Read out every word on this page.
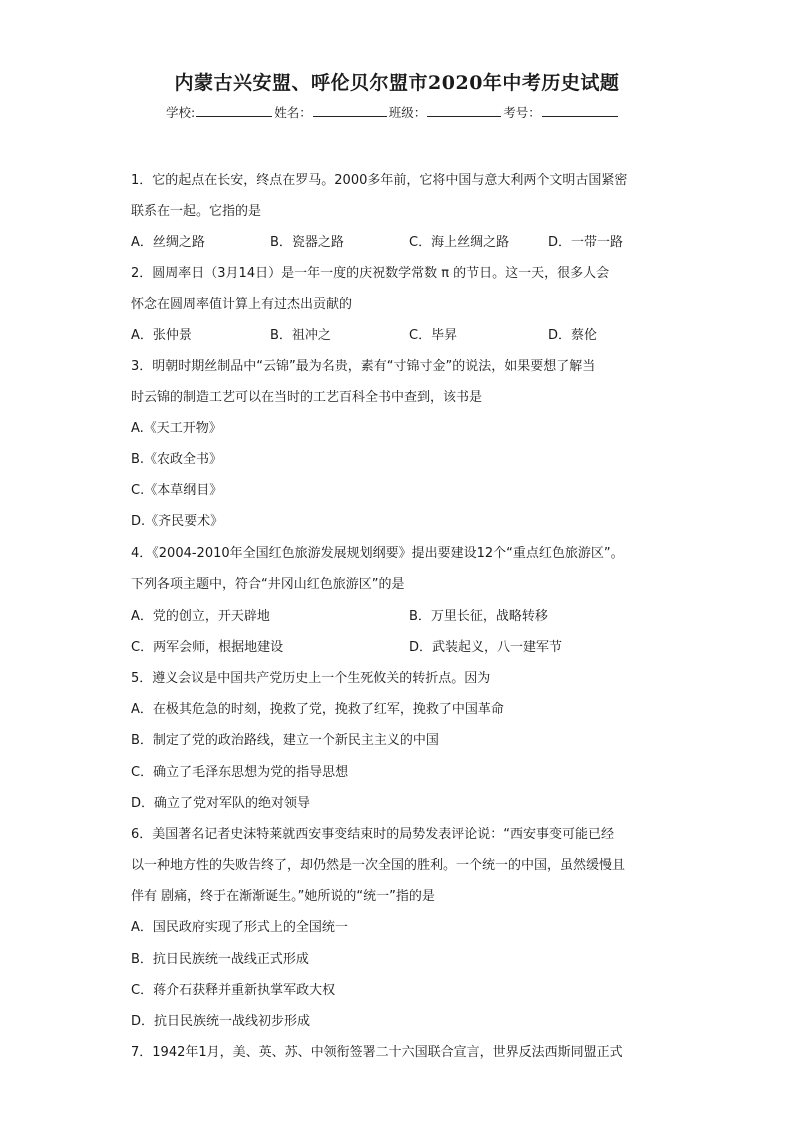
内蒙古兴安盟、呼伦贝尔盟市2020年中考历史试题
学校:	姓名：	班级：	考号：
1．它的起点在长安，终点在罗马。2000多年前，它将中国与意大利两个文明古国紧密
联系在一起。它指的是
A．丝绸之路	B．瓷器之路	C．海上丝绸之路	D．一带一路
2．圆周率日（3月14日）是一年一度的庆祝数学常数 π 的节日。这一天，很多人会
怀念在圆周率值计算上有过杰出贡献的
A．张仲景	B．祖冲之	C．毕昇	D．蔡伦
3．明朝时期丝制品中“云锦”最为名贵，素有“寸锦寸金”的说法，如果要想了解当
时云锦的制造工艺可以在当时的工艺百科全书中查到，该书是
A.《天工开物》
B.《农政全书》
C.《本草纲目》
D.《齐民要术》
4．《2004-2010年全国红色旅游发展规划纲要》提出要建设12个“重点红色旅游区”。
下列各项主题中，符合“井冈山红色旅游区”的是
A．党的创立，开天辟地	B．万里长征，战略转移
C．两军会师，根据地建设	D．武装起义，八一建军节
5．遵义会议是中国共产党历史上一个生死攸关的转折点。因为
A．在极其危急的时刻，挽救了党，挽救了红军，挽救了中国革命
B．制定了党的政治路线，建立一个新民主主义的中国
C．确立了毛泽东思想为党的指导思想
D．确立了党对军队的绝对领导
6．美国著名记者史沫特莱就西安事变结束时的局势发表评论说：“西安事变可能已经
以一种地方性的失败告终了，却仍然是一次全国的胜利。一个统一的中国，虽然缓慢且
伴有 剧痛，终于在渐渐诞生。”她所说的“统一”指的是
A．国民政府实现了形式上的全国统一
B．抗日民族统一战线正式形成
C．蒋介石获释并重新执掌军政大权
D．抗日民族统一战线初步形成
7．1942年1月，美、英、苏、中领衔签署二十六国联合宣言，世界反法西斯同盟正式
